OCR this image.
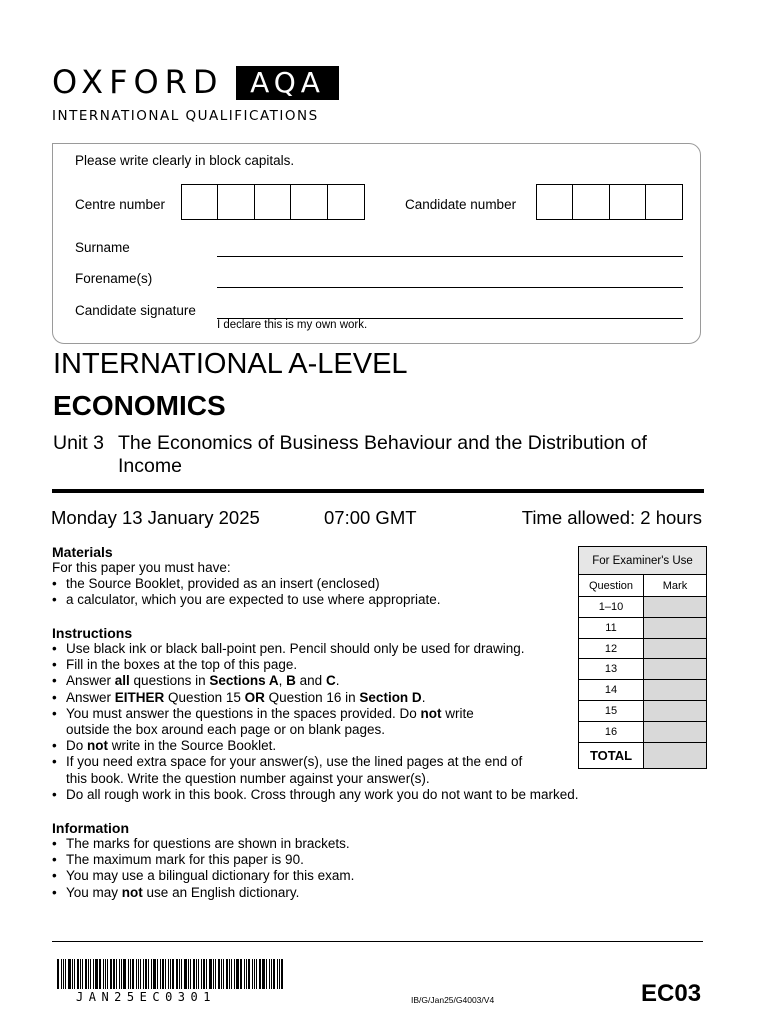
OXFORD AQA
INTERNATIONAL QUALIFICATIONS
Please write clearly in block capitals.
Centre number	Candidate number
Surname
Forename(s)
Candidate signature
I declare this is my own work.
INTERNATIONAL A-LEVEL
ECONOMICS
Unit 3 The Economics of Business Behaviour and the Distribution of Income
Monday 13 January 2025	07:00 GMT	Time allowed: 2 hours
Materials
For this paper you must have:
• the Source Booklet, provided as an insert (enclosed)
• a calculator, which you are expected to use where appropriate.
Instructions
• Use black ink or black ball-point pen. Pencil should only be used for drawing.
• Fill in the boxes at the top of this page.
• Answer all questions in Sections A, B and C.
• Answer EITHER Question 15 OR Question 16 in Section D.
• You must answer the questions in the spaces provided. Do not write
outside the box around each page or on blank pages.
• Do not write in the Source Booklet.
• If you need extra space for your answer(s), use the lined pages at the end of
this book. Write the question number against your answer(s).
• Do all rough work in this book. Cross through any work you do not want to be marked.
Information
• The marks for questions are shown in brackets.
• The maximum mark for this paper is 90.
• You may use a bilingual dictionary for this exam.
• You may not use an English dictionary.
For Examiner's Use
Question	Mark
1–10
11
12
13
14
15
16
TOTAL
JAN25EC0301	IB/G/Jan25/G4003/V4	EC03
